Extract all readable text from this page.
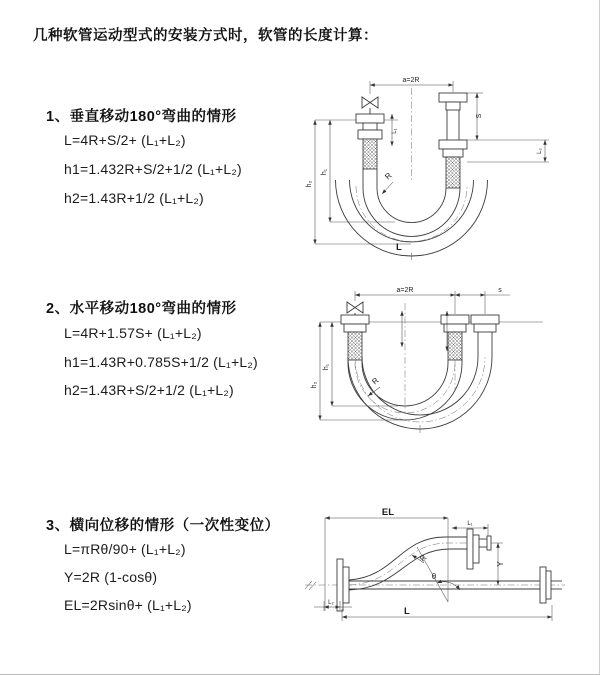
几种软管运动型式的安装方式时，软管的长度计算：
1、垂直移动180°弯曲的情形
L=4R+S/2+ (L₁+L₂)
h1=1.432R+S/2+1/2 (L₁+L₂)
h2=1.43R+1/2 (L₁+L₂)
2、水平移动180°弯曲的情形
L=4R+1.57S+ (L₁+L₂)
h1=1.43R+0.785S+1/2 (L₁+L₂)
h2=1.43R+S/2+1/2 (L₁+L₂)
3、横向位移的情形（一次性变位）
L=πRθ/90+ (L₁+L₂)
Y=2R (1-cosθ)
EL=2Rsinθ+ (L₁+L₂)
a=2R
L₁
h₁
h₂
S
L₂
R
L
a=2R	s
h₁
h₂	R
EL
L₁
Y
R
θ
L₂
L
